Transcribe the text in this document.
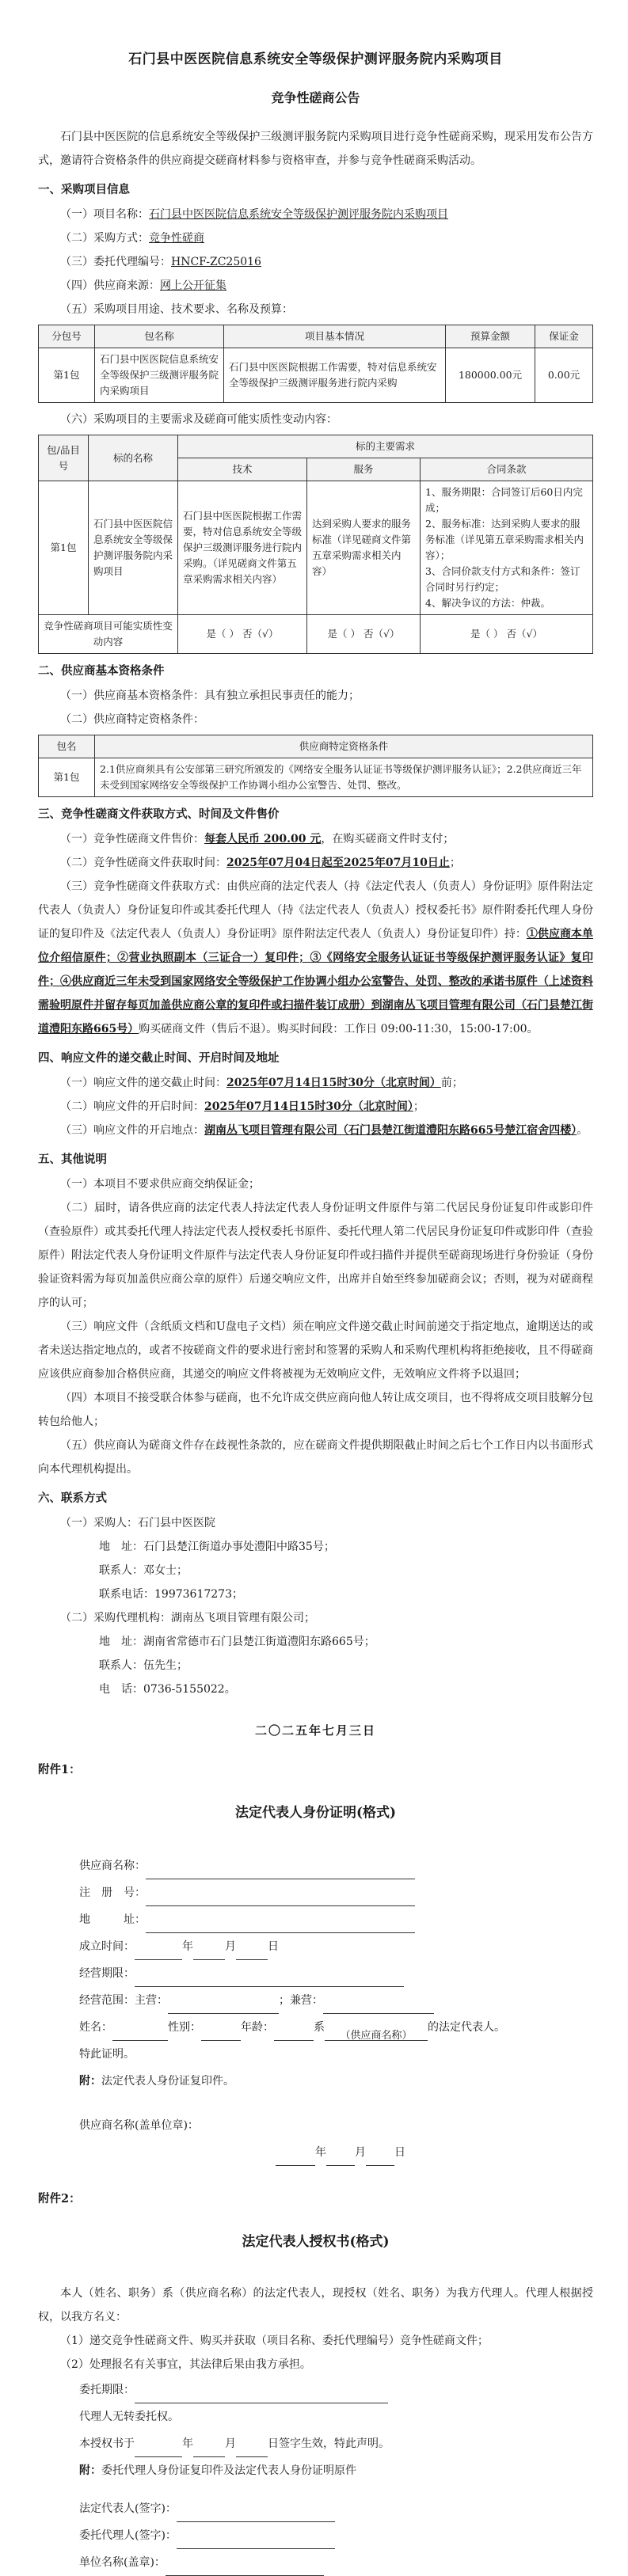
石门县中医医院信息系统安全等级保护测评服务院内采购项目
竞争性磋商公告

石门县中医医院的信息系统安全等级保护三级测评服务院内采购项目进行竞争性磋商采购，现采用发布公告方式，邀请符合资格条件的供应商提交磋商材料参与资格审查，并参与竞争性磋商采购活动。

一、采购项目信息

（一）项目名称：石门县中医医院信息系统安全等级保护测评服务院内采购项目

（二）采购方式：竞争性磋商

（三）委托代理编号：HNCF-ZC25016

（四）供应商来源：网上公开征集

（五）采购项目用途、技术要求、名称及预算：

分包号	包名称	项目基本情况	预算金额	保证金
第1包	石门县中医医院信息系统安全等级保护三级测评服务院内采购项目	石门县中医医院根据工作需要，特对信息系统安全等级保护三级测评服务进行院内采购	180000.00元	0.00元

（六）采购项目的主要需求及磋商可能实质性变动内容：

包/品目号	标的名称	标的主要需求		
		技术	服务	合同条款
第1包	石门县中医医院信息系统安全等级保护测评服务院内采购项目	石门县中医医院根据工作需要，特对信息系统安全等级保护三级测评服务进行院内采购。（详见磋商文件第五章采购需求相关内容）	达到采购人要求的服务标准（详见磋商文件第五章采购需求相关内容）	1、服务期限：合同签订后60日内完成；
2、服务标准：达到采购人要求的服务标准（详见第五章采购需求相关内容）；
3、合同价款支付方式和条件：签订合同时另行约定；
4、解决争议的方法：仲裁。

竞争性磋商项目可能实质性变动内容		是（ ） 否（√）	是（ ） 否（√）	是（ ） 否（√）
二、供应商基本资格条件

（一）供应商基本资格条件：具有独立承担民事责任的能力；

（二）供应商特定资格条件：

包名	供应商特定资格条件
第1包	2.1供应商须具有公安部第三研究所颁发的《网络安全服务认证证书等级保护测评服务认证》；2.2供应商近三年未受到国家网络安全等级保护工作协调小组办公室警告、处罚、整改。
三、竞争性磋商文件获取方式、时间及文件售价

（一）竞争性磋商文件售价：每套人民币 200.00 元，在购买磋商文件时支付；

（二）竞争性磋商文件获取时间：2025年07月04日起至2025年07月10日止；

（三）竞争性磋商文件获取方式：由供应商的法定代表人（持《法定代表人（负责人）身份证明》原件附法定代表人（负责人）身份证复印件或其委托代理人（持《法定代表人（负责人）授权委托书》原件附委托代理人身份证的复印件及《法定代表人（负责人）身份证明》原件附法定代表人（负责人）身份证复印件）持：①供应商本单位介绍信原件；②营业执照副本（三证合一）复印件；③《网络安全服务认证证书等级保护测评服务认证》复印件；④供应商近三年未受到国家网络安全等级保护工作协调小组办公室警告、处罚、整改的承诺书原件（上述资料需验明原件并留存每页加盖供应商公章的复印件或扫描件装订成册）到湖南丛飞项目管理有限公司（石门县楚江街道澧阳东路665号）购买磋商文件（售后不退）。购买时间段：工作日 09:00-11:30，15:00-17:00。

四、响应文件的递交截止时间、开启时间及地址

（一）响应文件的递交截止时间：2025年07月14日15时30分（北京时间）前；

（二）响应文件的开启时间：2025年07月14日15时30分（北京时间）；

（三）响应文件的开启地点：湖南丛飞项目管理有限公司（石门县楚江街道澧阳东路665号楚江宿舍四楼）。

五、其他说明

（一）本项目不要求供应商交纳保证金；

（二）届时，请各供应商的法定代表人持法定代表人身份证明文件原件与第二代居民身份证复印件或影印件（查验原件）或其委托代理人持法定代表人授权委托书原件、委托代理人第二代居民身份证复印件或影印件（查验原件）附法定代表人身份证明文件原件与法定代表人身份证复印件或扫描件并提供至磋商现场进行身份验证（身份验证资料需为每页加盖供应商公章的原件）后递交响应文件，出席并自始至终参加磋商会议；否则，视为对磋商程序的认可；

（三）响应文件（含纸质文档和U盘电子文档）须在响应文件递交截止时间前递交于指定地点，逾期送达的或者未送达指定地点的，或者不按磋商文件的要求进行密封和签署的采购人和采购代理机构将拒绝接收，且不得磋商应该供应商参加合格供应商，其递交的响应文件将被视为无效响应文件，无效响应文件将予以退回；

（四）本项目不接受联合体参与磋商，也不允许成交供应商向他人转让成交项目，也不得将成交项目肢解分包转包给他人；

（五）供应商认为磋商文件存在歧视性条款的，应在磋商文件提供期限截止时间之后七个工作日内以书面形式向本代理机构提出。

六、联系方式
（一）采购人：石门县中医医院
地　址：石门县楚江街道办事处澧阳中路35号；
联系人：邓女士；
联系电话：19973617273；
（二）采购代理机构：湖南丛飞项目管理有限公司；
地　址：湖南省常德市石门县楚江街道澧阳东路665号；
联系人：伍先生；
电　话：0736-5155022。
二〇二五年七月三日
附件1：
法定代表人身份证明(格式)
供应商名称：
注　册　号：
地　　　址：
成立时间：	年	月	日
经营期限：
经营范围：主营：	；兼营：
姓名：	性别：	年龄：	系（供应商名称）的法定代表人。
特此证明。
附：法定代表人身份证复印件。
供应商名称(盖单位章)：
年	月	日
附件2：
法定代表人授权书(格式)

本人（姓名、职务）系（供应商名称）的法定代表人，现授权（姓名、职务）为我方代理人。代理人根据授权，以我方名义：

（1）递交竞争性磋商文件、购买并获取（项目名称、委托代理编号）竞争性磋商文件；

（2）处理报名有关事宜，其法律后果由我方承担。

委托期限：
代理人无转委托权。
本授权书于	年	月	日签字生效，特此声明。
附：委托代理人身份证复印件及法定代表人身份证明原件
法定代表人(签字)：
委托代理人(签字)：
单位名称(盖章)：
